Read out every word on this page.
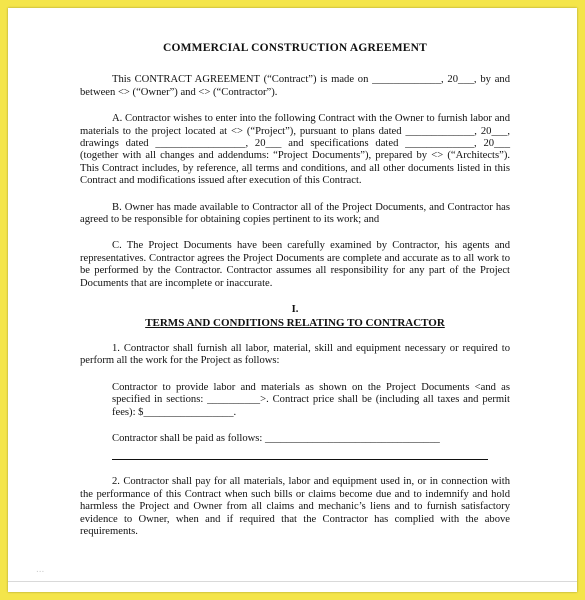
COMMERCIAL CONSTRUCTION AGREEMENT

This CONTRACT AGREEMENT (“Contract”) is made on _____________, 20___, by and between <> (“Owner”) and <> (“Contractor”).

A. Contractor wishes to enter into the following Contract with the Owner to furnish labor and materials to the project located at <> (“Project”), pursuant to plans dated _____________, 20___, drawings dated _________________, 20___ and specifications dated _____________, 20___ (together with all changes and addendums: “Project Documents”), prepared by <> (“Architects”). This Contract includes, by reference, all terms and conditions, and all other documents listed in this Contract and modifications issued after execution of this Contract.

B. Owner has made available to Contractor all of the Project Documents, and Contractor has agreed to be responsible for obtaining copies pertinent to its work; and

C. The Project Documents have been carefully examined by Contractor, his agents and representatives. Contractor agrees the Project Documents are complete and accurate as to all work to be performed by the Contractor. Contractor assumes all responsibility for any part of the Project Documents that are incomplete or inaccurate.

I.

TERMS AND CONDITIONS RELATING TO CONTRACTOR

1. Contractor shall furnish all labor, material, skill and equipment necessary or required to perform all the work for the Project as follows:

Contractor to provide labor and materials as shown on the Project Documents <and as specified in sections: __________>. Contract price shall be (including all taxes and permit fees): $_________________.

Contractor shall be paid as follows: _________________________________

2. Contractor shall pay for all materials, labor and equipment used in, or in connection with the performance of this Contract when such bills or claims become due and to indemnify and hold harmless the Project and Owner from all claims and mechanic’s liens and to furnish satisfactory evidence to Owner, when and if required that the Contractor has complied with the above requirements.

...
